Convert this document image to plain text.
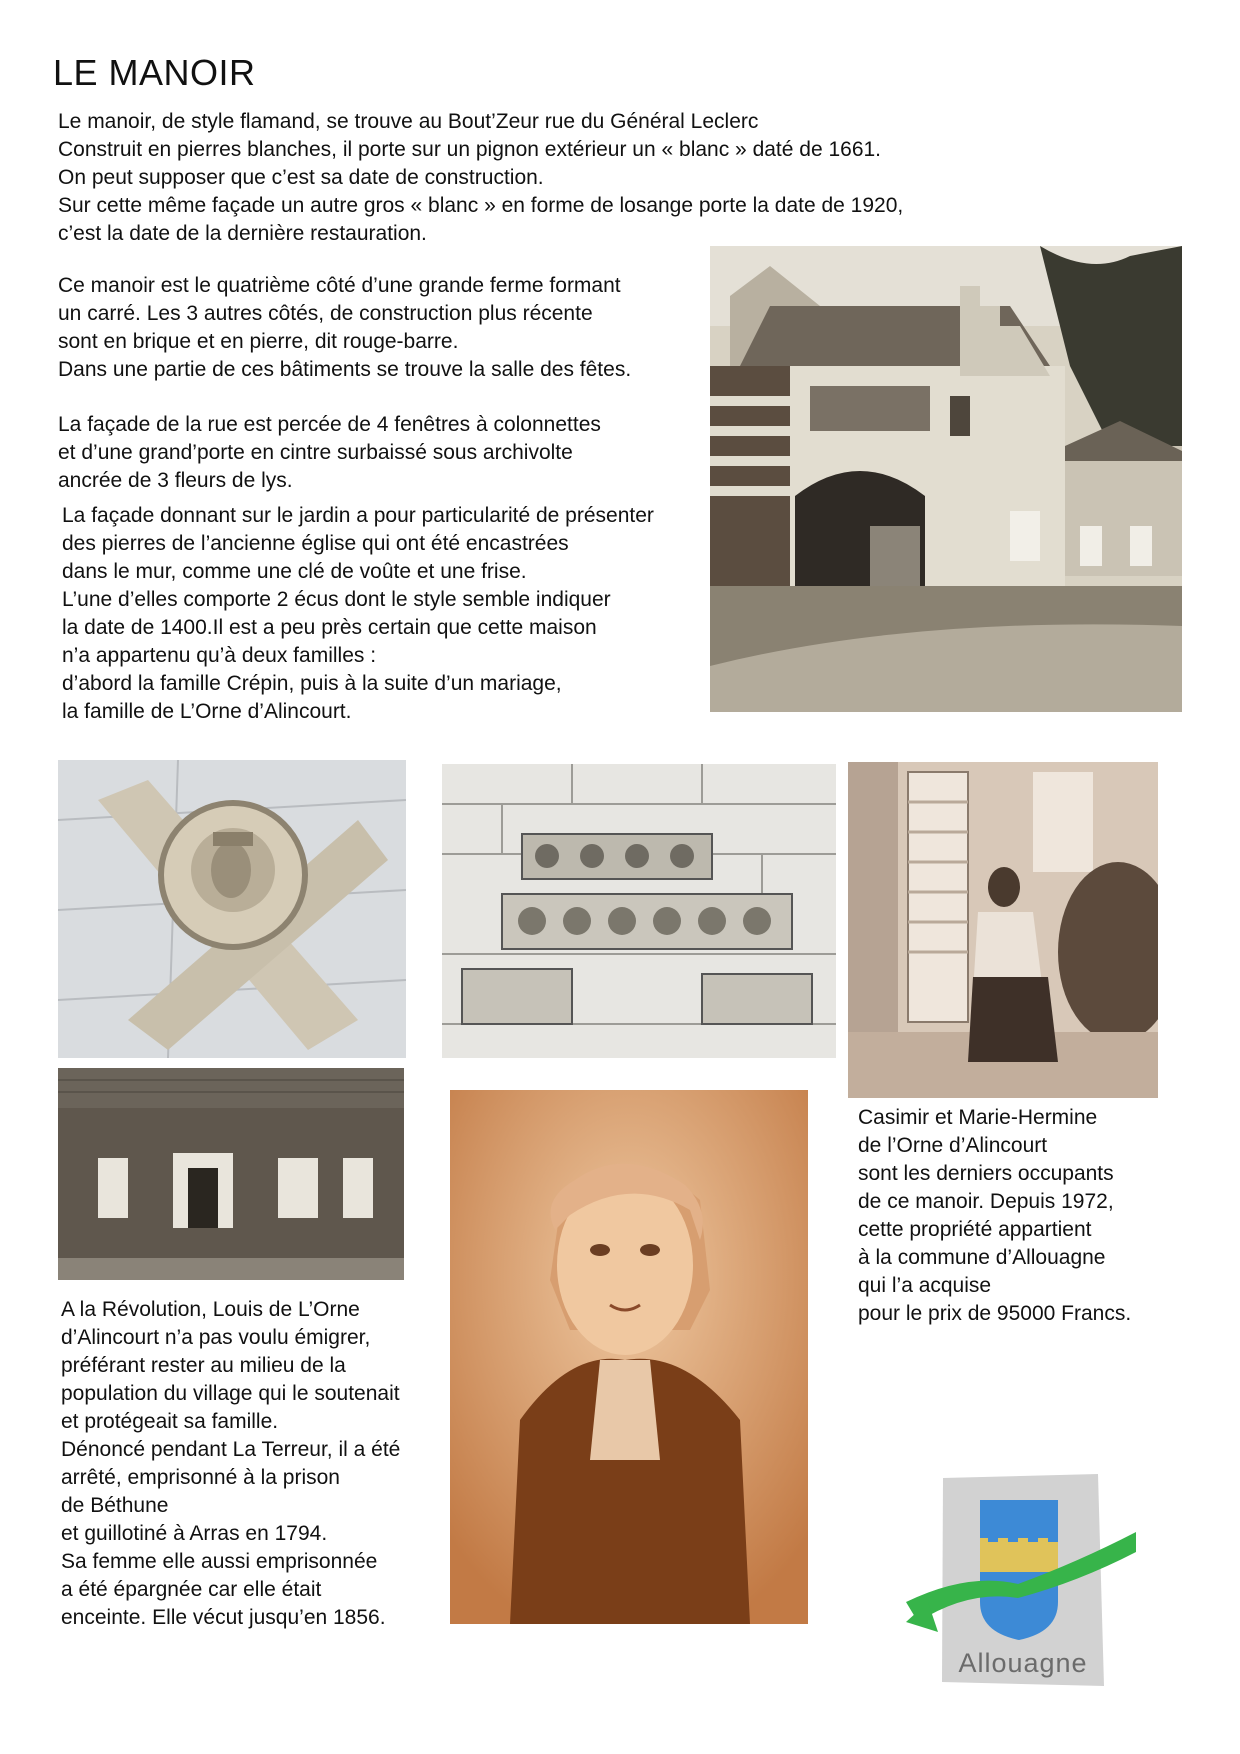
LE MANOIR
Le manoir, de style flamand, se trouve au Bout’Zeur rue du Général Leclerc
Construit en pierres blanches, il porte sur un pignon extérieur un « blanc » daté de 1661.
On peut supposer que c’est sa date de construction.
Sur cette même façade un autre gros « blanc » en forme de losange porte la date de 1920,
c’est la date de la dernière restauration.
Ce manoir est le quatrième côté d’une grande ferme formant
un carré. Les 3 autres côtés, de construction plus récente
sont en brique et en pierre, dit rouge-barre.
Dans une partie de ces bâtiments se trouve la salle des fêtes.
La façade de la rue est percée de 4 fenêtres à colonnettes
et d’une grand’porte en cintre surbaissé sous archivolte
ancrée de 3 fleurs de lys.
La façade donnant sur le jardin a pour particularité de présenter
des pierres de l’ancienne église qui ont été encastrées
dans le mur, comme une clé de voûte et une frise.
L’une d’elles comporte 2 écus dont le style semble indiquer
la date de 1400.Il est a peu près certain que cette maison
n’a appartenu qu’à deux familles :
d’abord la famille Crépin, puis à la suite d’un mariage,
la famille de L’Orne d’Alincourt.
Casimir et Marie-Hermine
de l’Orne d’Alincourt
sont les derniers occupants
de ce manoir. Depuis 1972,
cette propriété appartient
à la commune d’Allouagne
qui l’a acquise
pour le prix de 95000 Francs.
A la Révolution, Louis de L’Orne
d’Alincourt n’a pas voulu émigrer,
préférant rester au milieu de la
population du village qui le soutenait
et protégeait sa famille.
Dénoncé pendant La Terreur, il a été
arrêté, emprisonné à la prison
de Béthune
et guillotiné à Arras en 1794.
Sa femme elle aussi emprisonnée
a été épargnée car elle était
enceinte. Elle vécut jusqu’en 1856.
Allouagne
